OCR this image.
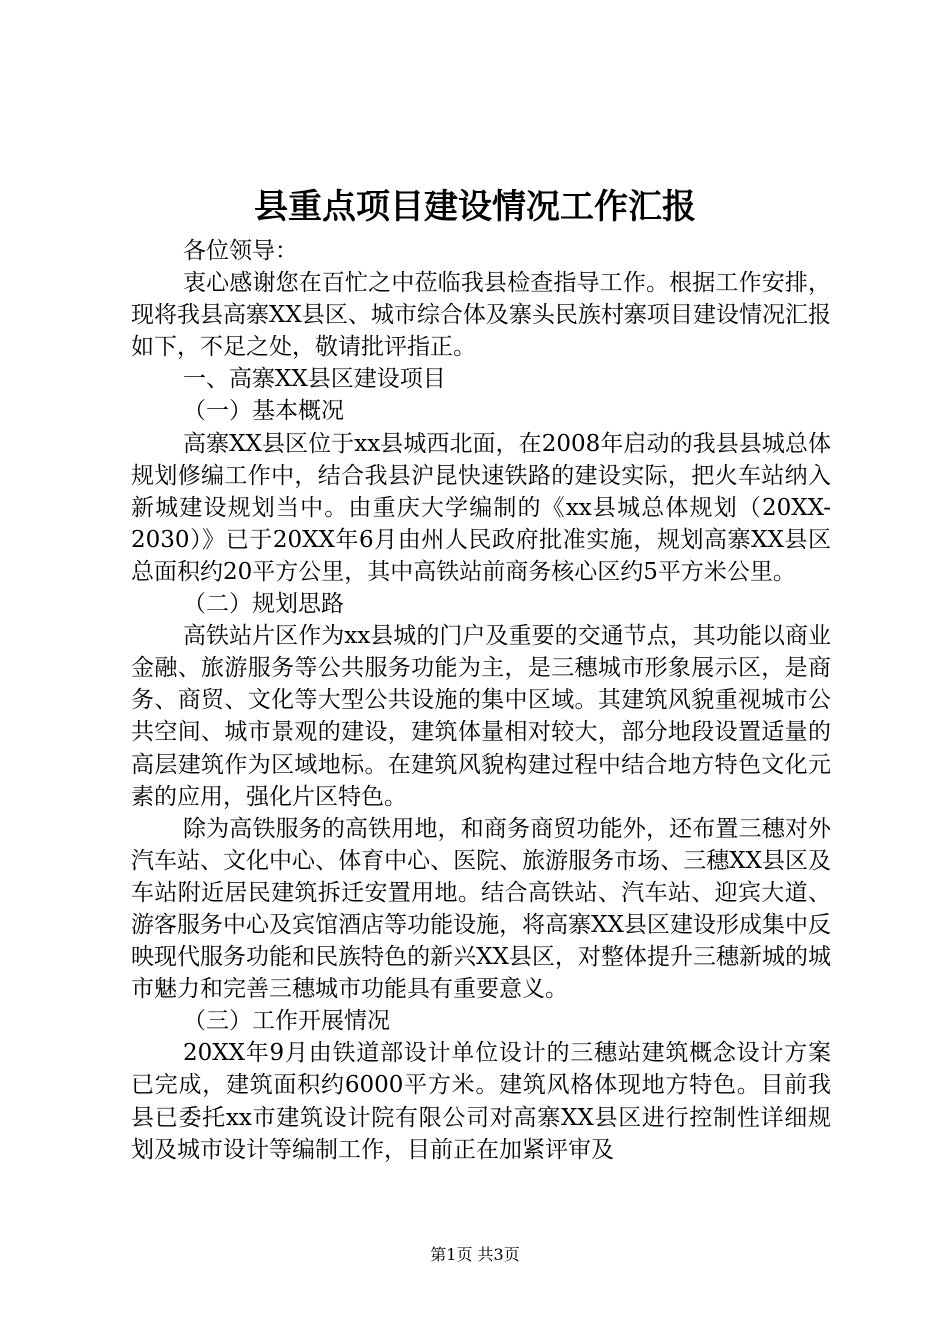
县重点项目建设情况工作汇报

各位领导：

衷心感谢您在百忙之中莅临我县检查指导工作。根据工作安排，现将我县高寨XX县区、城市综合体及寨头民族村寨项目建设情况汇报如下，不足之处，敬请批评指正。

一、高寨XX县区建设项目

（一）基本概况

高寨XX县区位于xx县城西北面，在2008年启动的我县县城总体规划修编工作中，结合我县沪昆快速铁路的建设实际，把火车站纳入新城建设规划当中。由重庆大学编制的《xx县城总体规划（20XX-2030）》已于20XX年6月由州人民政府批准实施，规划高寨XX县区总面积约20平方公里，其中高铁站前商务核心区约5平方米公里。

（二）规划思路

高铁站片区作为xx县城的门户及重要的交通节点，其功能以商业金融、旅游服务等公共服务功能为主，是三穗城市形象展示区，是商务、商贸、文化等大型公共设施的集中区域。其建筑风貌重视城市公共空间、城市景观的建设，建筑体量相对较大，部分地段设置适量的高层建筑作为区域地标。在建筑风貌构建过程中结合地方特色文化元素的应用，强化片区特色。

除为高铁服务的高铁用地，和商务商贸功能外，还布置三穗对外汽车站、文化中心、体育中心、医院、旅游服务市场、三穗XX县区及车站附近居民建筑拆迁安置用地。结合高铁站、汽车站、迎宾大道、游客服务中心及宾馆酒店等功能设施，将高寨XX县区建设形成集中反映现代服务功能和民族特色的新兴XX县区，对整体提升三穗新城的城市魅力和完善三穗城市功能具有重要意义。

（三）工作开展情况

20XX年9月由铁道部设计单位设计的三穗站建筑概念设计方案已完成，建筑面积约6000平方米。建筑风格体现地方特色。目前我县已委托xx市建筑设计院有限公司对高寨XX县区进行控制性详细规划及城市设计等编制工作，目前正在加紧评审及

第1页 共3页
